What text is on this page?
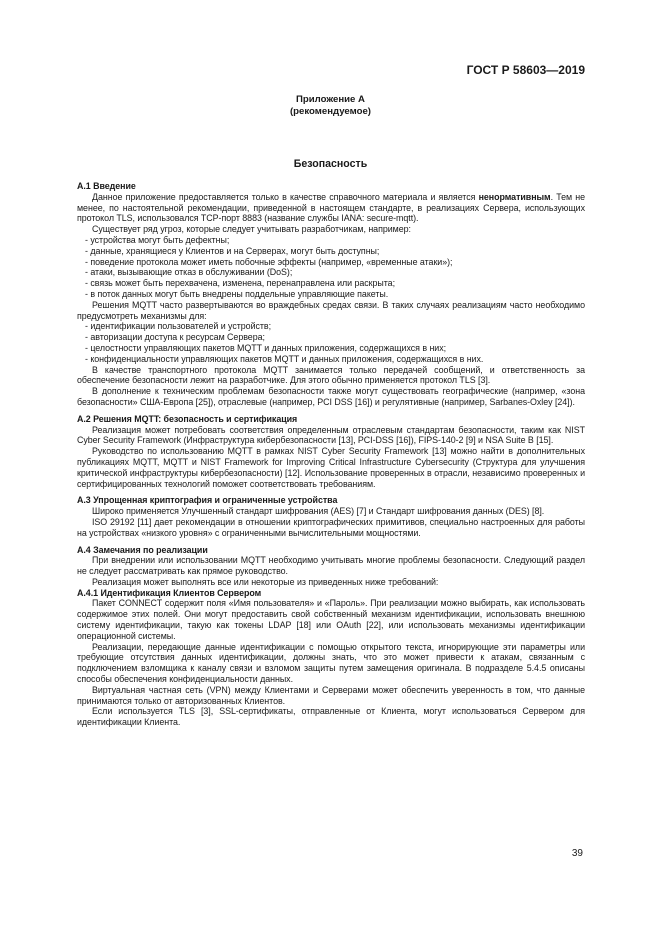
ГОСТ Р 58603—2019
Приложение А
(рекомендуемое)
Безопасность
А.1 Введение

Данное приложение предоставляется только в качестве справочного материала и является ненормативным. Тем не менее, по настоятельной рекомендации, приведенной в настоящем стандарте, в реализациях Сервера, использующих протокол TLS, использовался TCP-порт 8883 (название службы IANA: secure-mqtt).

Существует ряд угроз, которые следует учитывать разработчикам, например:

- устройства могут быть дефектны;
- данные, хранящиеся у Клиентов и на Серверах, могут быть доступны;
- поведение протокола может иметь побочные эффекты (например, «временные атаки»);
- атаки, вызывающие отказ в обслуживании (DoS);
- связь может быть перехвачена, изменена, перенаправлена или раскрыта;
- в поток данных могут быть внедрены поддельные управляющие пакеты.

Решения MQTT часто развертываются во враждебных средах связи. В таких случаях реализациям часто необходимо предусмотреть механизмы для:

- идентификации пользователей и устройств;
- авторизации доступа к ресурсам Сервера;
- целостности управляющих пакетов MQTT и данных приложения, содержащихся в них;
- конфиденциальности управляющих пакетов MQTT и данных приложения, содержащихся в них.

В качестве транспортного протокола MQTT занимается только передачей сообщений, и ответственность за обеспечение безопасности лежит на разработчике. Для этого обычно применяется протокол TLS [3].

В дополнение к техническим проблемам безопасности также могут существовать географические (например, «зона безопасности» США-Европа [25]), отраслевые (например, PCI DSS [16]) и регулятивные (например, Sarbanes-Oxley [24]).

А.2 Решения MQTT: безопасность и сертификация

Реализация может потребовать соответствия определенным отраслевым стандартам безопасности, таким как NIST Cyber Security Framework (Инфраструктура кибербезопасности [13], PCI-DSS [16]), FIPS-140-2 [9] и NSA Suite B [15].

Руководство по использованию MQTT в рамках NIST Cyber Security Framework [13] можно найти в дополнительных публикациях MQTT, MQTT и NIST Framework for Improving Critical Infrastructure Cybersecurity (Структура для улучшения критической инфраструктуры кибербезопасности) [12]. Использование проверенных в отрасли, независимо проверенных и сертифицированных технологий поможет соответствовать требованиям.

А.3 Упрощенная криптография и ограниченные устройства

Широко применяется Улучшенный стандарт шифрования (AES) [7] и Стандарт шифрования данных (DES) [8].

ISO 29192 [11] дает рекомендации в отношении криптографических примитивов, специально настроенных для работы на устройствах «низкого уровня» с ограниченными вычислительными мощностями.

А.4 Замечания по реализации

При внедрении или использовании MQTT необходимо учитывать многие проблемы безопасности. Следующий раздел не следует рассматривать как прямое руководство.

Реализация может выполнять все или некоторые из приведенных ниже требований:

А.4.1 Идентификация Клиентов Сервером

Пакет CONNECT содержит поля «Имя пользователя» и «Пароль». При реализации можно выбирать, как использовать содержимое этих полей. Они могут предоставить свой собственный механизм идентификации, использовать внешнюю систему идентификации, такую как токены LDAP [18] или OAuth [22], или использовать механизмы идентификации операционной системы.

Реализации, передающие данные идентификации с помощью открытого текста, игнорирующие эти параметры или требующие отсутствия данных идентификации, должны знать, что это может привести к атакам, связанным с подключением взломщика к каналу связи и взломом защиты путем замещения оригинала. В подразделе 5.4.5 описаны способы обеспечения конфиденциальности данных.

Виртуальная частная сеть (VPN) между Клиентами и Серверами может обеспечить уверенность в том, что данные принимаются только от авторизованных Клиентов.

Если используется TLS [3], SSL-сертификаты, отправленные от Клиента, могут использоваться Сервером для идентификации Клиента.

39
